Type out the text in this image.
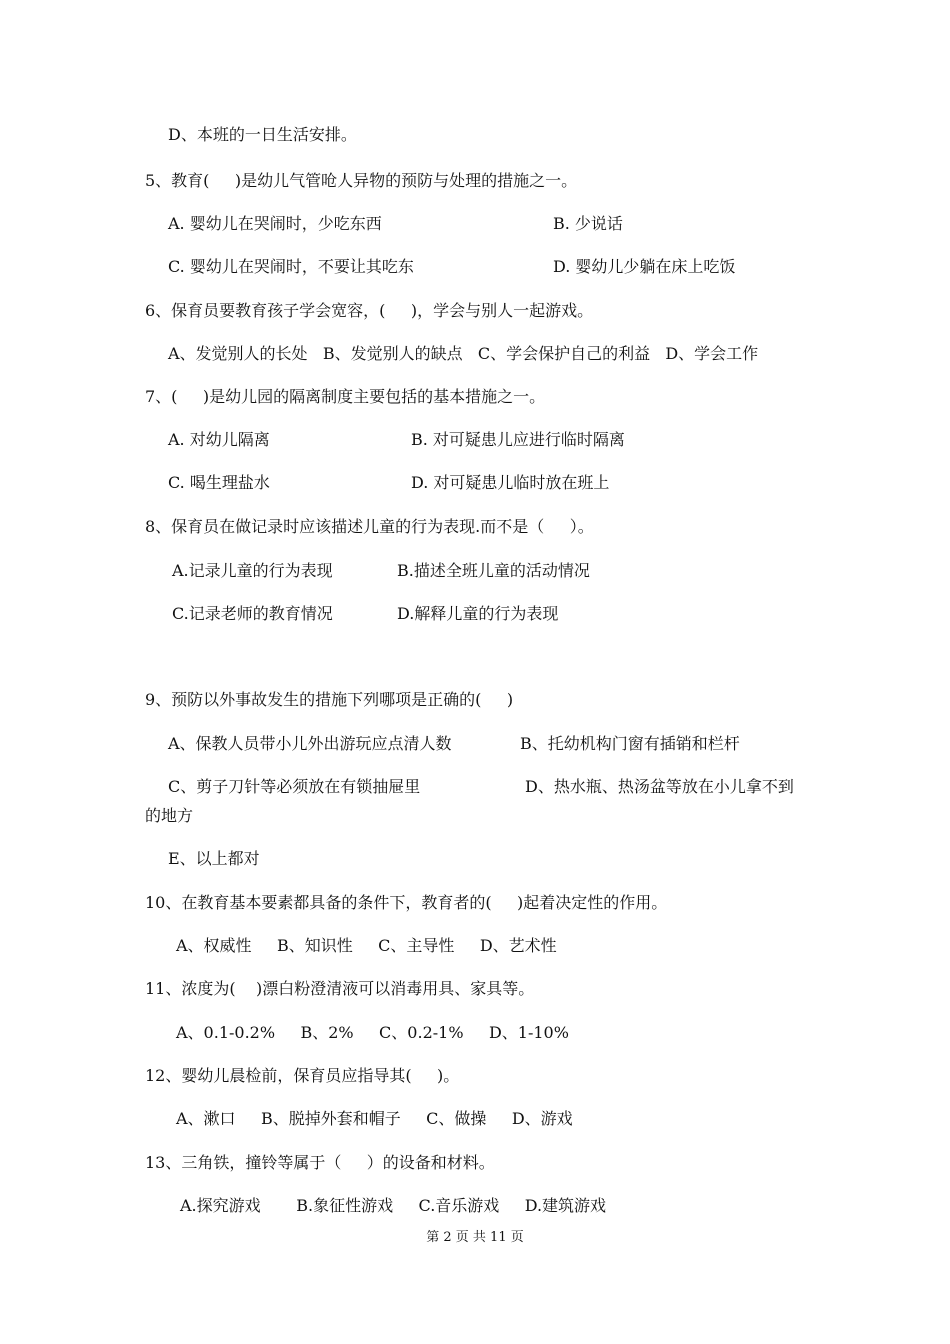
D、本班的一日生活安排。
5、教育(     )是幼儿气管呛人异物的预防与处理的措施之一。
A. 婴幼儿在哭闹时，少吃东西	B. 少说话
C. 婴幼儿在哭闹时，不要让其吃东	D. 婴幼儿少躺在床上吃饭
6、保育员要教育孩子学会宽容，(     )，学会与别人一起游戏。
A、发觉别人的长处   B、发觉别人的缺点   C、学会保护自己的利益   D、学会工作
7、(     )是幼儿园的隔离制度主要包括的基本措施之一。
A. 对幼儿隔离	B. 对可疑患儿应进行临时隔离
C. 喝生理盐水	D. 对可疑患儿临时放在班上
8、保育员在做记录时应该描述儿童的行为表现.而不是（     ）。
A.记录儿童的行为表现	B.描述全班儿童的活动情况
C.记录老师的教育情况	D.解释儿童的行为表现
9、预防以外事故发生的措施下列哪项是正确的(     )
A、保教人员带小儿外出游玩应点清人数	B、托幼机构门窗有插销和栏杆
C、剪子刀针等必须放在有锁抽屉里	D、热水瓶、热汤盆等放在小儿拿不到
的地方
E、以上都对
10、在教育基本要素都具备的条件下，教育者的(     )起着决定性的作用。
A、权威性     B、知识性     C、主导性     D、艺术性
11、浓度为(    )漂白粉澄清液可以消毒用具、家具等。
A、0.1-0.2%     B、2%     C、0.2-1%     D、1-10%
12、婴幼儿晨检前，保育员应指导其(     )。
A、漱口     B、脱掉外套和帽子     C、做操     D、游戏
13、三角铁，撞铃等属于（     ）的设备和材料。
A.探究游戏       B.象征性游戏     C.音乐游戏     D.建筑游戏
第 2 页 共 11 页
